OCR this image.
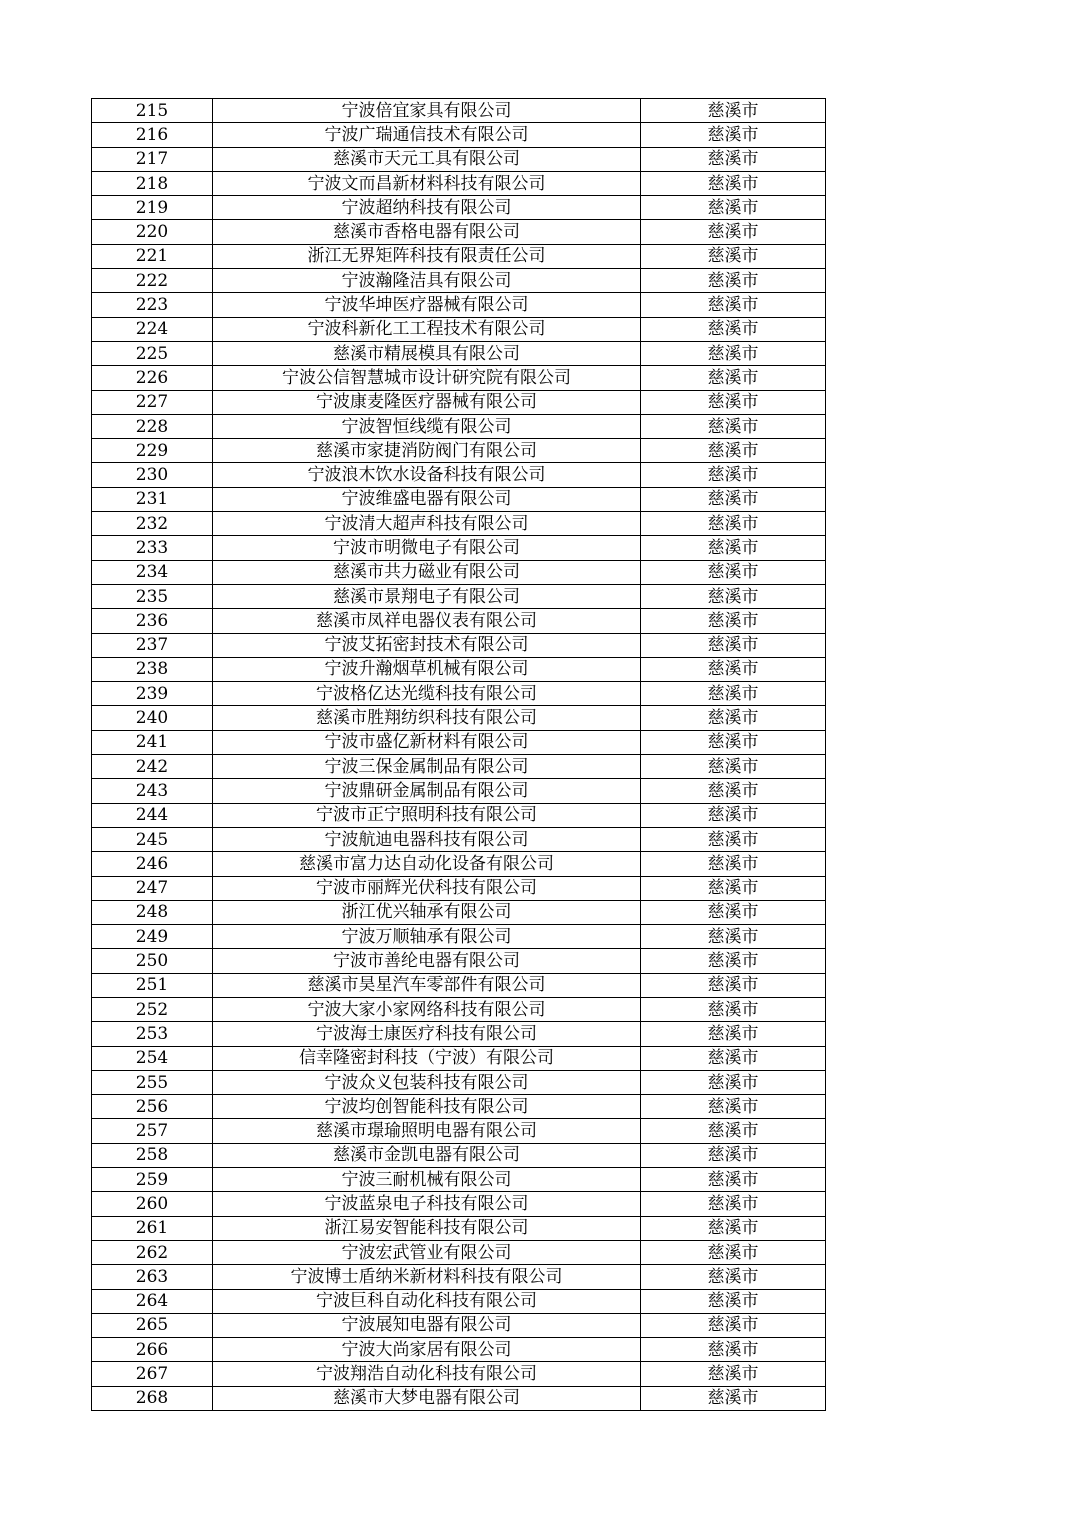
215	宁波倍宜家具有限公司	慈溪市
216	宁波广瑞通信技术有限公司	慈溪市
217	慈溪市天元工具有限公司	慈溪市
218	宁波文而昌新材料科技有限公司	慈溪市
219	宁波超纳科技有限公司	慈溪市
220	慈溪市香格电器有限公司	慈溪市
221	浙江无界矩阵科技有限责任公司	慈溪市
222	宁波瀚隆洁具有限公司	慈溪市
223	宁波华坤医疗器械有限公司	慈溪市
224	宁波科新化工工程技术有限公司	慈溪市
225	慈溪市精展模具有限公司	慈溪市
226	宁波公信智慧城市设计研究院有限公司	慈溪市
227	宁波康麦隆医疗器械有限公司	慈溪市
228	宁波智恒线缆有限公司	慈溪市
229	慈溪市家捷消防阀门有限公司	慈溪市
230	宁波浪木饮水设备科技有限公司	慈溪市
231	宁波维盛电器有限公司	慈溪市
232	宁波清大超声科技有限公司	慈溪市
233	宁波市明微电子有限公司	慈溪市
234	慈溪市共力磁业有限公司	慈溪市
235	慈溪市景翔电子有限公司	慈溪市
236	慈溪市凤祥电器仪表有限公司	慈溪市
237	宁波艾拓密封技术有限公司	慈溪市
238	宁波升瀚烟草机械有限公司	慈溪市
239	宁波格亿达光缆科技有限公司	慈溪市
240	慈溪市胜翔纺织科技有限公司	慈溪市
241	宁波市盛亿新材料有限公司	慈溪市
242	宁波三保金属制品有限公司	慈溪市
243	宁波鼎研金属制品有限公司	慈溪市
244	宁波市正宁照明科技有限公司	慈溪市
245	宁波航迪电器科技有限公司	慈溪市
246	慈溪市富力达自动化设备有限公司	慈溪市
247	宁波市丽辉光伏科技有限公司	慈溪市
248	浙江优兴轴承有限公司	慈溪市
249	宁波万顺轴承有限公司	慈溪市
250	宁波市善纶电器有限公司	慈溪市
251	慈溪市昊星汽车零部件有限公司	慈溪市
252	宁波大家小家网络科技有限公司	慈溪市
253	宁波海士康医疗科技有限公司	慈溪市
254	信幸隆密封科技（宁波）有限公司	慈溪市
255	宁波众义包装科技有限公司	慈溪市
256	宁波均创智能科技有限公司	慈溪市
257	慈溪市璟瑜照明电器有限公司	慈溪市
258	慈溪市金凯电器有限公司	慈溪市
259	宁波三耐机械有限公司	慈溪市
260	宁波蓝泉电子科技有限公司	慈溪市
261	浙江易安智能科技有限公司	慈溪市
262	宁波宏武管业有限公司	慈溪市
263	宁波博士盾纳米新材料科技有限公司	慈溪市
264	宁波巨科自动化科技有限公司	慈溪市
265	宁波展知电器有限公司	慈溪市
266	宁波大尚家居有限公司	慈溪市
267	宁波翔浩自动化科技有限公司	慈溪市
268	慈溪市大梦电器有限公司	慈溪市
